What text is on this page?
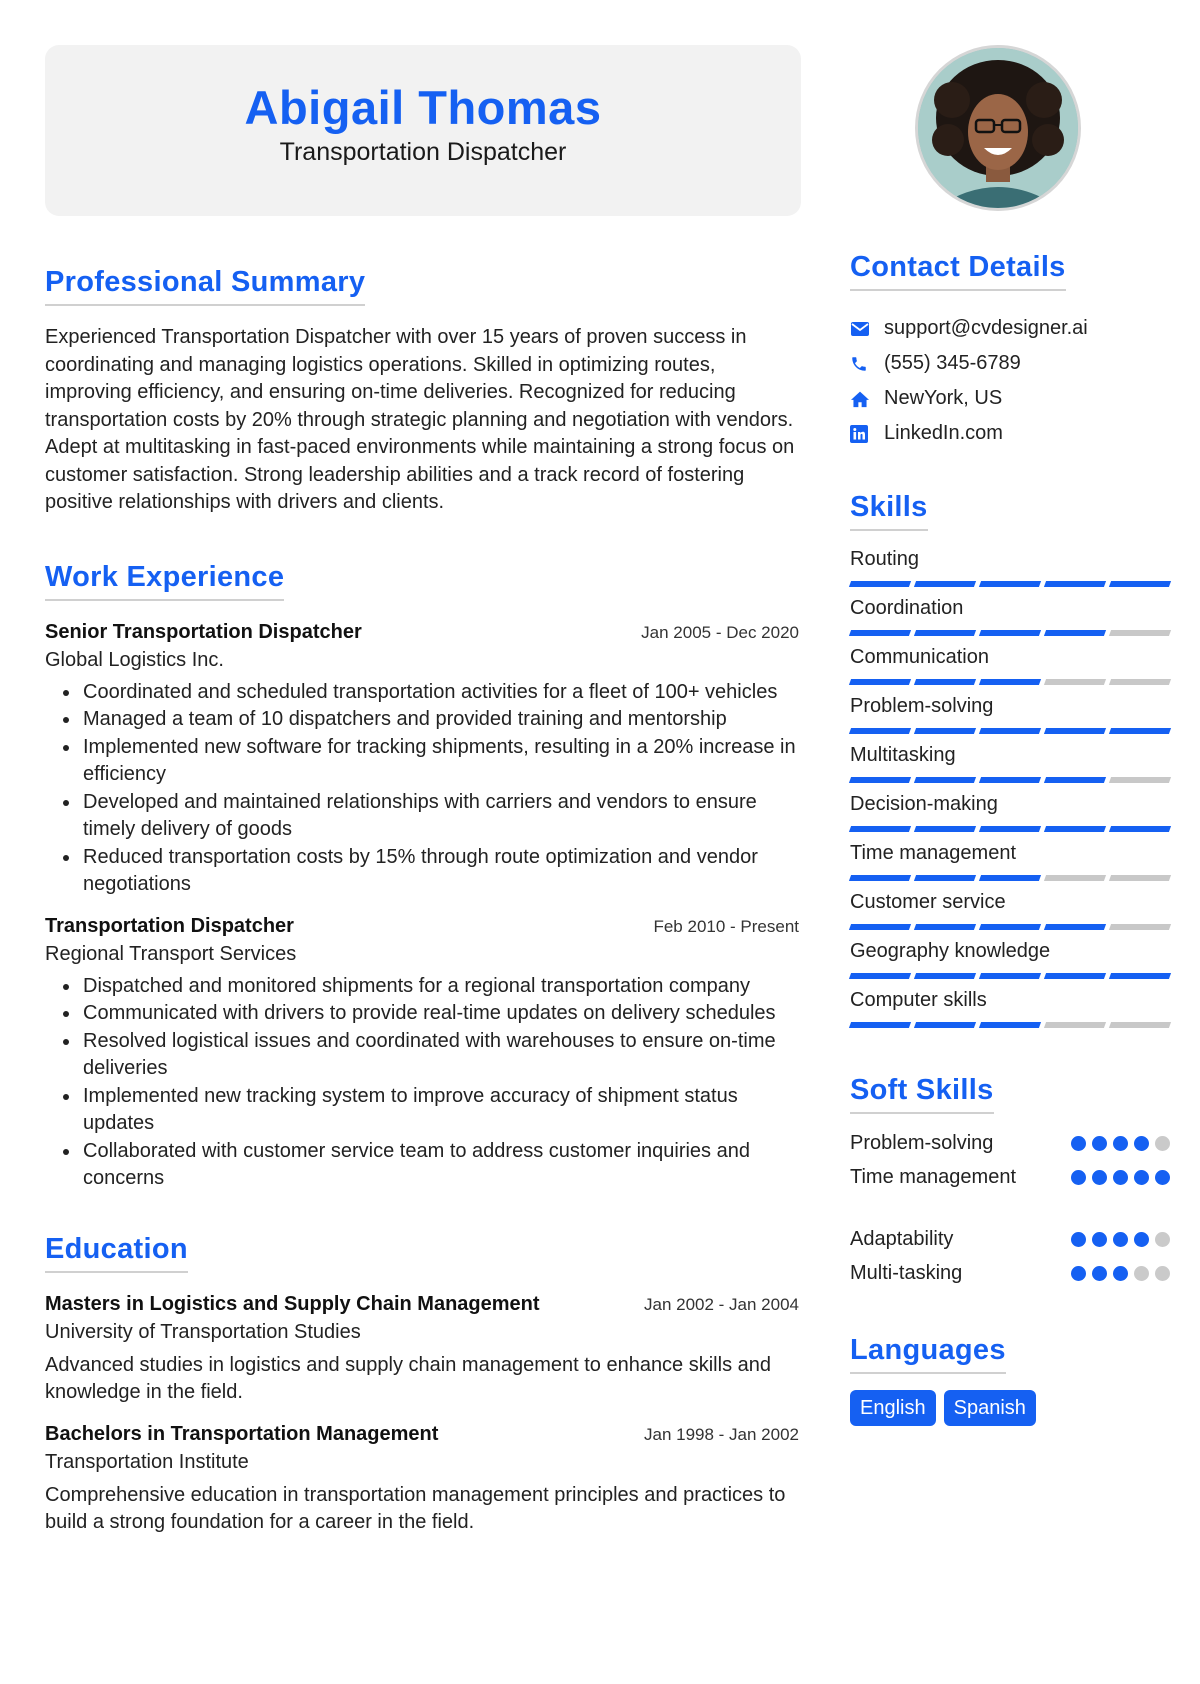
Abigail Thomas
Transportation Dispatcher
Professional Summary

Experienced Transportation Dispatcher with over 15 years of proven success in coordinating and managing logistics operations. Skilled in optimizing routes, improving efficiency, and ensuring on-time deliveries. Recognized for reducing transportation costs by 20% through strategic planning and negotiation with vendors. Adept at multitasking in fast-paced environments while maintaining a strong focus on customer satisfaction. Strong leadership abilities and a track record of fostering positive relationships with drivers and clients.

Work Experience
Senior Transportation Dispatcher	Jan 2005 - Dec 2020
Global Logistics Inc.
Coordinated and scheduled transportation activities for a fleet of 100+ vehicles
Managed a team of 10 dispatchers and provided training and mentorship
Implemented new software for tracking shipments, resulting in a 20% increase in efficiency
Developed and maintained relationships with carriers and vendors to ensure timely delivery of goods
Reduced transportation costs by 15% through route optimization and vendor negotiations
Transportation Dispatcher	Feb 2010 - Present
Regional Transport Services
Dispatched and monitored shipments for a regional transportation company
Communicated with drivers to provide real-time updates on delivery schedules
Resolved logistical issues and coordinated with warehouses to ensure on-time deliveries
Implemented new tracking system to improve accuracy of shipment status updates
Collaborated with customer service team to address customer inquiries and concerns
Education
Masters in Logistics and Supply Chain Management	Jan 2002 - Jan 2004
University of Transportation Studies

Advanced studies in logistics and supply chain management to enhance skills and knowledge in the field.

Bachelors in Transportation Management	Jan 1998 - Jan 2002
Transportation Institute

Comprehensive education in transportation management principles and practices to build a strong foundation for a career in the field.

Contact Details
support@cvdesigner.ai
(555) 345-6789
NewYork, US
LinkedIn.com
Skills
Routing
Coordination
Communication
Problem-solving
Multitasking
Decision-making
Time management
Customer service
Geography knowledge
Computer skills
Soft Skills
Problem-solving
Time management
Adaptability
Multi-tasking
Languages
English	Spanish
